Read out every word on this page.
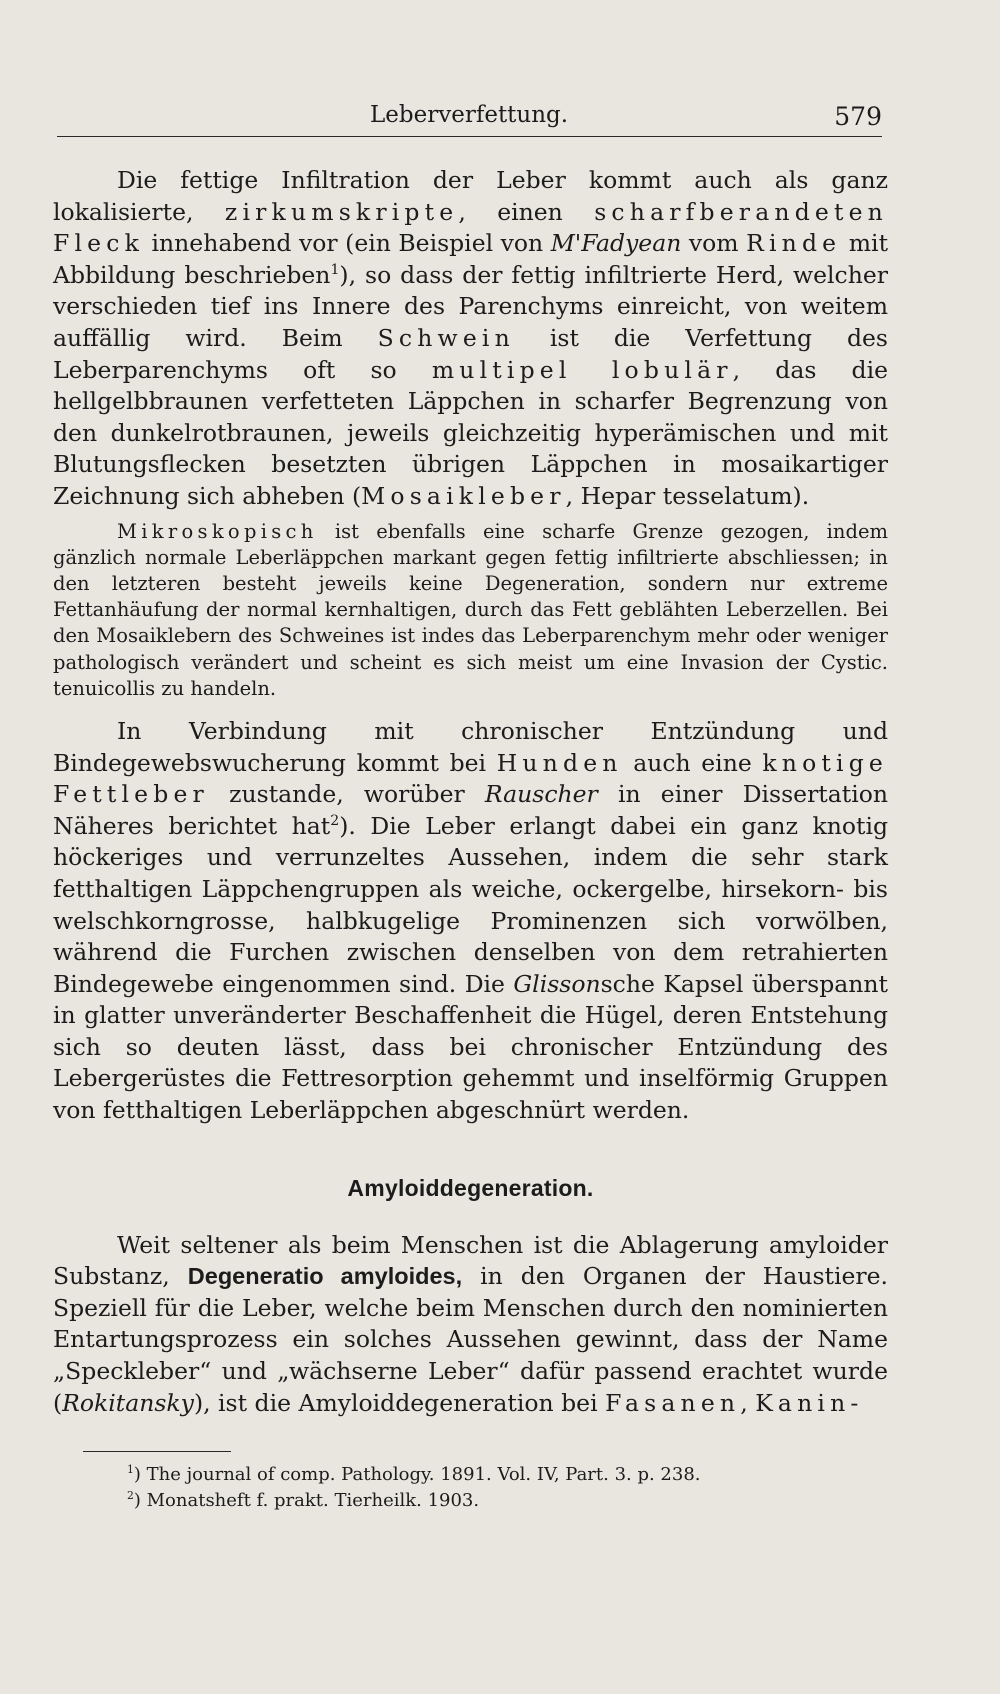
Leberverfettung.	579

Die fettige Infiltration der Leber kommt auch als ganz lokalisierte, zirkumskripte, einen scharfberandeten Fleck innehabend vor (ein Beispiel von M'Fadyean vom Rinde mit Abbildung beschrieben$^1$), so dass der fettig infiltrierte Herd, welcher verschieden tief ins Innere des Parenchyms einreicht, von weitem auffällig wird. Beim Schwein ist die Verfettung des Leberparenchyms oft so multipel lobulär, das die hellgelbbraunen verfetteten Läppchen in scharfer Begrenzung von den dunkelrotbraunen, jeweils gleichzeitig hyperämischen und mit Blutungsflecken besetzten übrigen Läppchen in mosaikartiger Zeichnung sich abheben (Mosaikleber, Hepar tesselatum).

Mikroskopisch ist ebenfalls eine scharfe Grenze gezogen, indem gänzlich normale Leberläppchen markant gegen fettig infiltrierte abschliessen; in den letzteren besteht jeweils keine Degeneration, sondern nur extreme Fettanhäufung der normal kernhaltigen, durch das Fett geblähten Leberzellen. Bei den Mosaiklebern des Schweines ist indes das Leberparenchym mehr oder weniger pathologisch verändert und scheint es sich meist um eine Invasion der Cystic. tenuicollis zu handeln.

In Verbindung mit chronischer Entzündung und Bindegewebswucherung kommt bei Hunden auch eine knotige Fettleber zustande, worüber Rauscher in einer Dissertation Näheres berichtet hat$^2$). Die Leber erlangt dabei ein ganz knotig höckeriges und verrunzeltes Aussehen, indem die sehr stark fetthaltigen Läppchengruppen als weiche, ockergelbe, hirsekorn- bis welschkorngrosse, halbkugelige Prominenzen sich vorwölben, während die Furchen zwischen denselben von dem retrahierten Bindegewebe eingenommen sind. Die Glissonsche Kapsel überspannt in glatter unveränderter Beschaffenheit die Hügel, deren Entstehung sich so deuten lässt, dass bei chronischer Entzündung des Lebergerüstes die Fettresorption gehemmt und inselförmig Gruppen von fetthaltigen Leberläppchen abgeschnürt werden.

Amyloiddegeneration.

Weit seltener als beim Menschen ist die Ablagerung amyloider Substanz, Degeneratio amyloides, in den Organen der Haustiere. Speziell für die Leber, welche beim Menschen durch den nominierten Entartungsprozess ein solches Aussehen gewinnt, dass der Name „Speckleber“ und „wächserne Leber“ dafür passend erachtet wurde (Rokitansky), ist die Amyloiddegeneration bei Fasanen, Kanin-

$^1$) The journal of comp. Pathology. 1891. Vol. IV, Part. 3. p. 238.
$^2$) Monatsheft f. prakt. Tierheilk. 1903.
